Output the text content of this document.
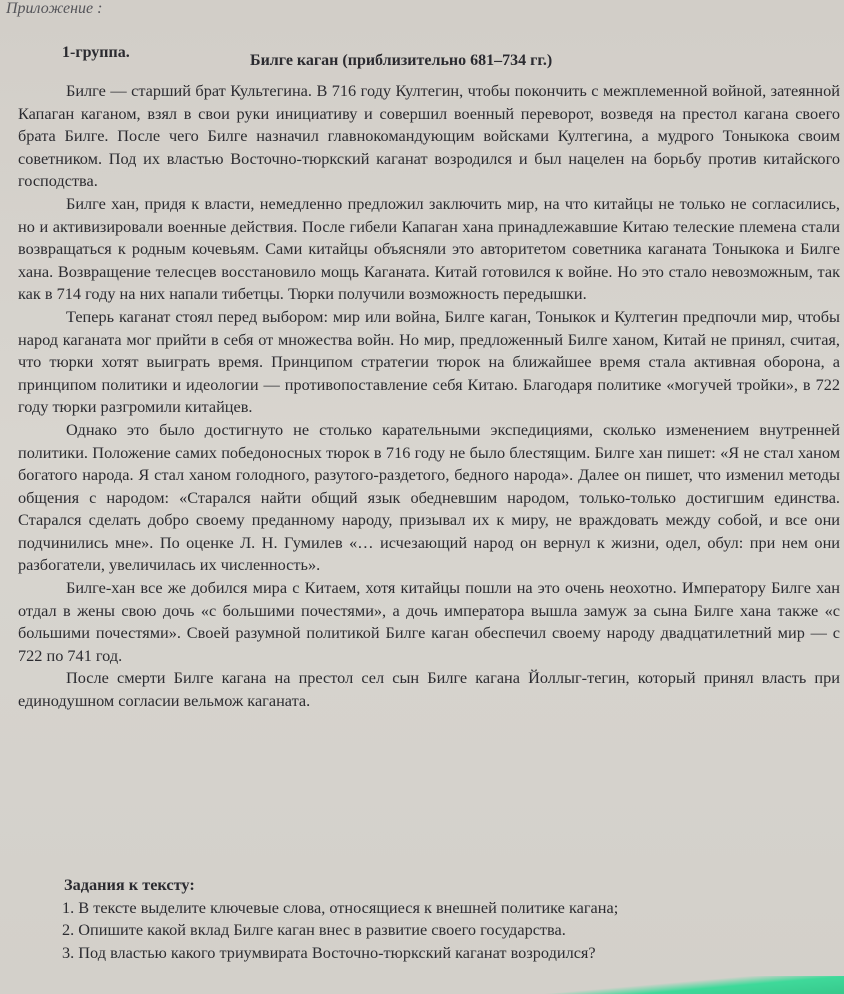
Приложение :
1-группа.	Билге каган (приблизительно 681–734 гг.)

Билге — старший брат Культегина. В 716 году Култегин, чтобы покончить с межплеменной войной, затеянной Капаган каганом, взял в свои руки инициативу и совершил военный переворот, возведя на престол кагана своего брата Билге. После чего Билге назначил главнокомандующим войсками Култегина, а мудрого Тоныкока своим советником. Под их властью Восточно-тюркский каганат возродился и был нацелен на борьбу против китайского господства.

Билге хан, придя к власти, немедленно предложил заключить мир, на что китайцы не только не согласились, но и активизировали военные действия. После гибели Капаган хана принадлежавшие Китаю телеские племена стали возвращаться к родным кочевьям. Сами китайцы объясняли это авторитетом советника каганата Тоныкока и Билге хана. Возвращение телесцев восстановило мощь Каганата. Китай готовился к войне. Но это стало невозможным, так как в 714 году на них напали тибетцы. Тюрки получили возможность передышки.

Теперь каганат стоял перед выбором: мир или война, Билге каган, Тоныкок и Култегин предпочли мир, чтобы народ каганата мог прийти в себя от множества войн. Но мир, предложенный Билге ханом, Китай не принял, считая, что тюрки хотят выиграть время. Принципом стратегии тюрок на ближайшее время стала активная оборона, а принципом политики и идеологии — противопоставление себя Китаю. Благодаря политике «могучей тройки», в 722 году тюрки разгромили китайцев.

Однако это было достигнуто не столько карательными экспедициями, сколько изменением внутренней политики. Положение самих победоносных тюрок в 716 году не было блестящим. Билге хан пишет: «Я не стал ханом богатого народа. Я стал ханом голодного, разутого-раздетого, бедного народа». Далее он пишет, что изменил методы общения с народом: «Старался найти общий язык обедневшим народом, только-только достигшим единства. Старался сделать добро своему преданному народу, призывал их к миру, не враждовать между собой, и все они подчинились мне». По оценке Л. Н. Гумилев «… исчезающий народ он вернул к жизни, одел, обул: при нем они разбогатели, увеличилась их численность».

Билге-хан все же добился мира с Китаем, хотя китайцы пошли на это очень неохотно. Императору Билге хан отдал в жены свою дочь «с большими почестями», а дочь императора вышла замуж за сына Билге хана также «с большими почестями». Своей разумной политикой Билге каган обеспечил своему народу двадцатилетний мир — с 722 по 741 год.

После смерти Билге кагана на престол сел сын Билге кагана Йоллыг-тегин, который принял власть при единодушном согласии вельмож каганата.

Задания к тексту:
1. В тексте выделите ключевые слова, относящиеся к внешней политике кагана;
2. Опишите какой вклад Билге каган внес в развитие своего государства.
3. Под властью какого триумвирата Восточно-тюркский каганат возродился?
